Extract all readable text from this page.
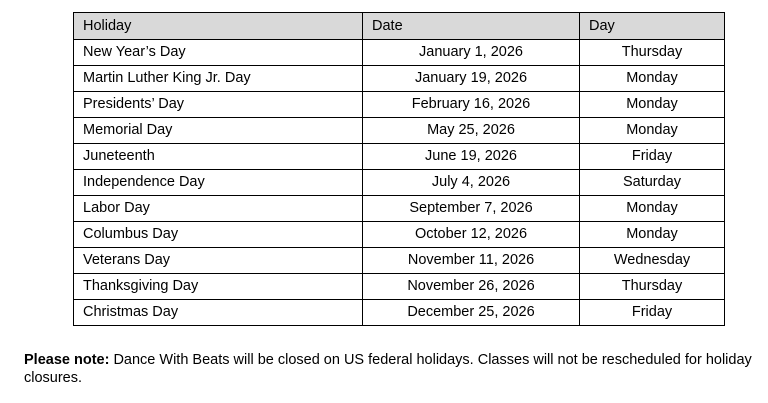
Holiday	Date	Day
New Year’s Day	January 1, 2026	Thursday
Martin Luther King Jr. Day	January 19, 2026	Monday
Presidents’ Day	February 16, 2026	Monday
Memorial Day	May 25, 2026	Monday
Juneteenth	June 19, 2026	Friday
Independence Day	July 4, 2026	Saturday
Labor Day	September 7, 2026	Monday
Columbus Day	October 12, 2026	Monday
Veterans Day	November 11, 2026	Wednesday
Thanksgiving Day	November 26, 2026	Thursday
Christmas Day	December 25, 2026	Friday

Please note: Dance With Beats will be closed on US federal holidays. Classes will not be rescheduled for holiday closures.
